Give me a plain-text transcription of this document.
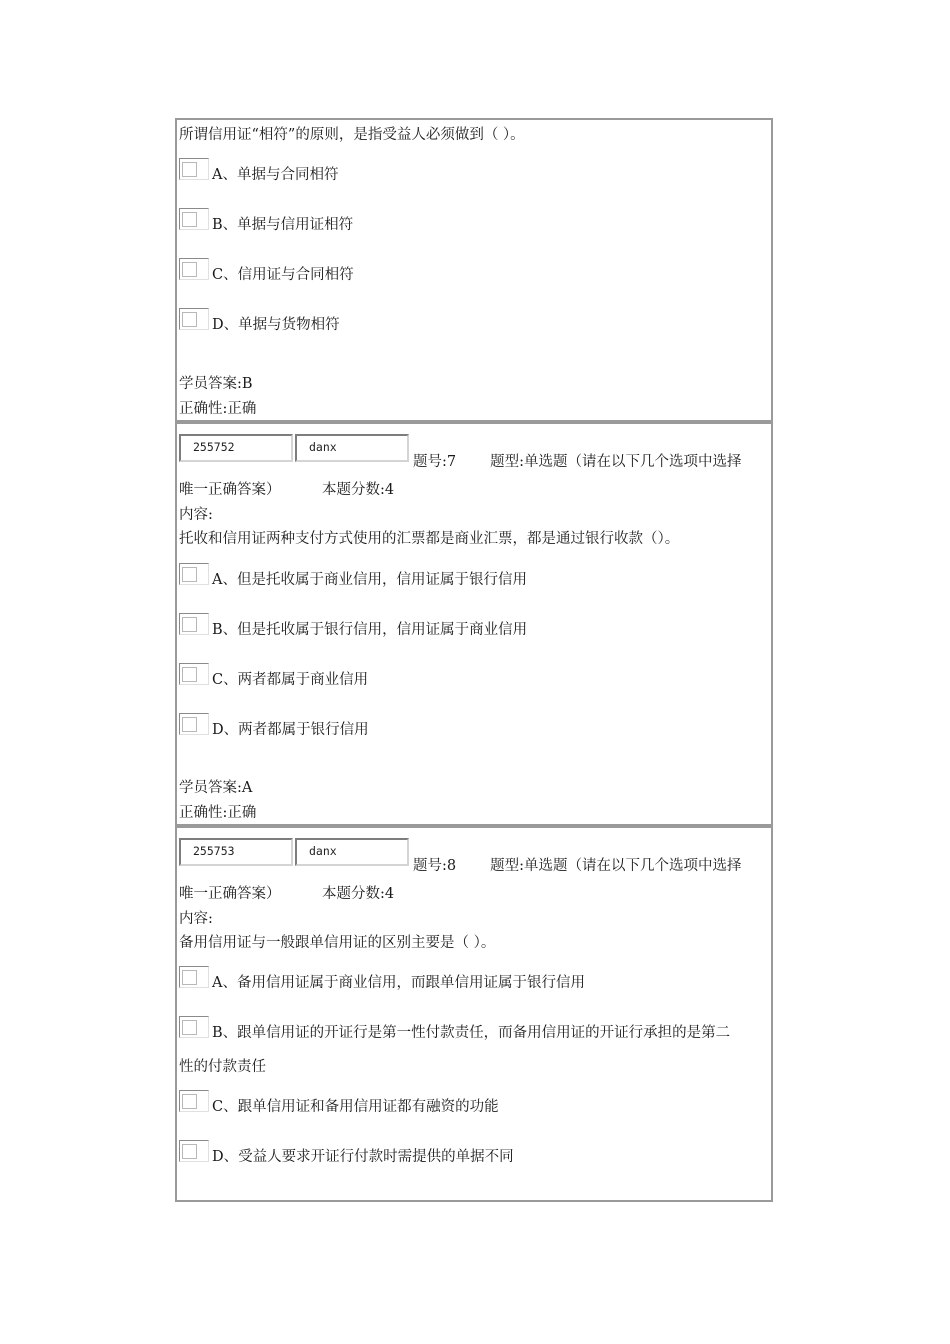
所谓信用证“相符”的原则，是指受益人必须做到（ ）。
A、单据与合同相符
B、单据与信用证相符
C、信用证与合同相符
D、单据与货物相符
学员答案:B
正确性:正确
255752	danx
题号:7 题型:单选题（请在以下几个选项中选择
唯一正确答案）	本题分数:4
内容:
托收和信用证两种支付方式使用的汇票都是商业汇票，都是通过银行收款（）。
A、但是托收属于商业信用，信用证属于银行信用
B、但是托收属于银行信用，信用证属于商业信用
C、两者都属于商业信用
D、两者都属于银行信用
学员答案:A
正确性:正确
255753	danx
题号:8 题型:单选题（请在以下几个选项中选择
唯一正确答案）	本题分数:4
内容:
备用信用证与一般跟单信用证的区别主要是（ ）。
A、备用信用证属于商业信用，而跟单信用证属于银行信用
B、跟单信用证的开证行是第一性付款责任，而备用信用证的开证行承担的是第二
性的付款责任
C、跟单信用证和备用信用证都有融资的功能
D、受益人要求开证行付款时需提供的单据不同
